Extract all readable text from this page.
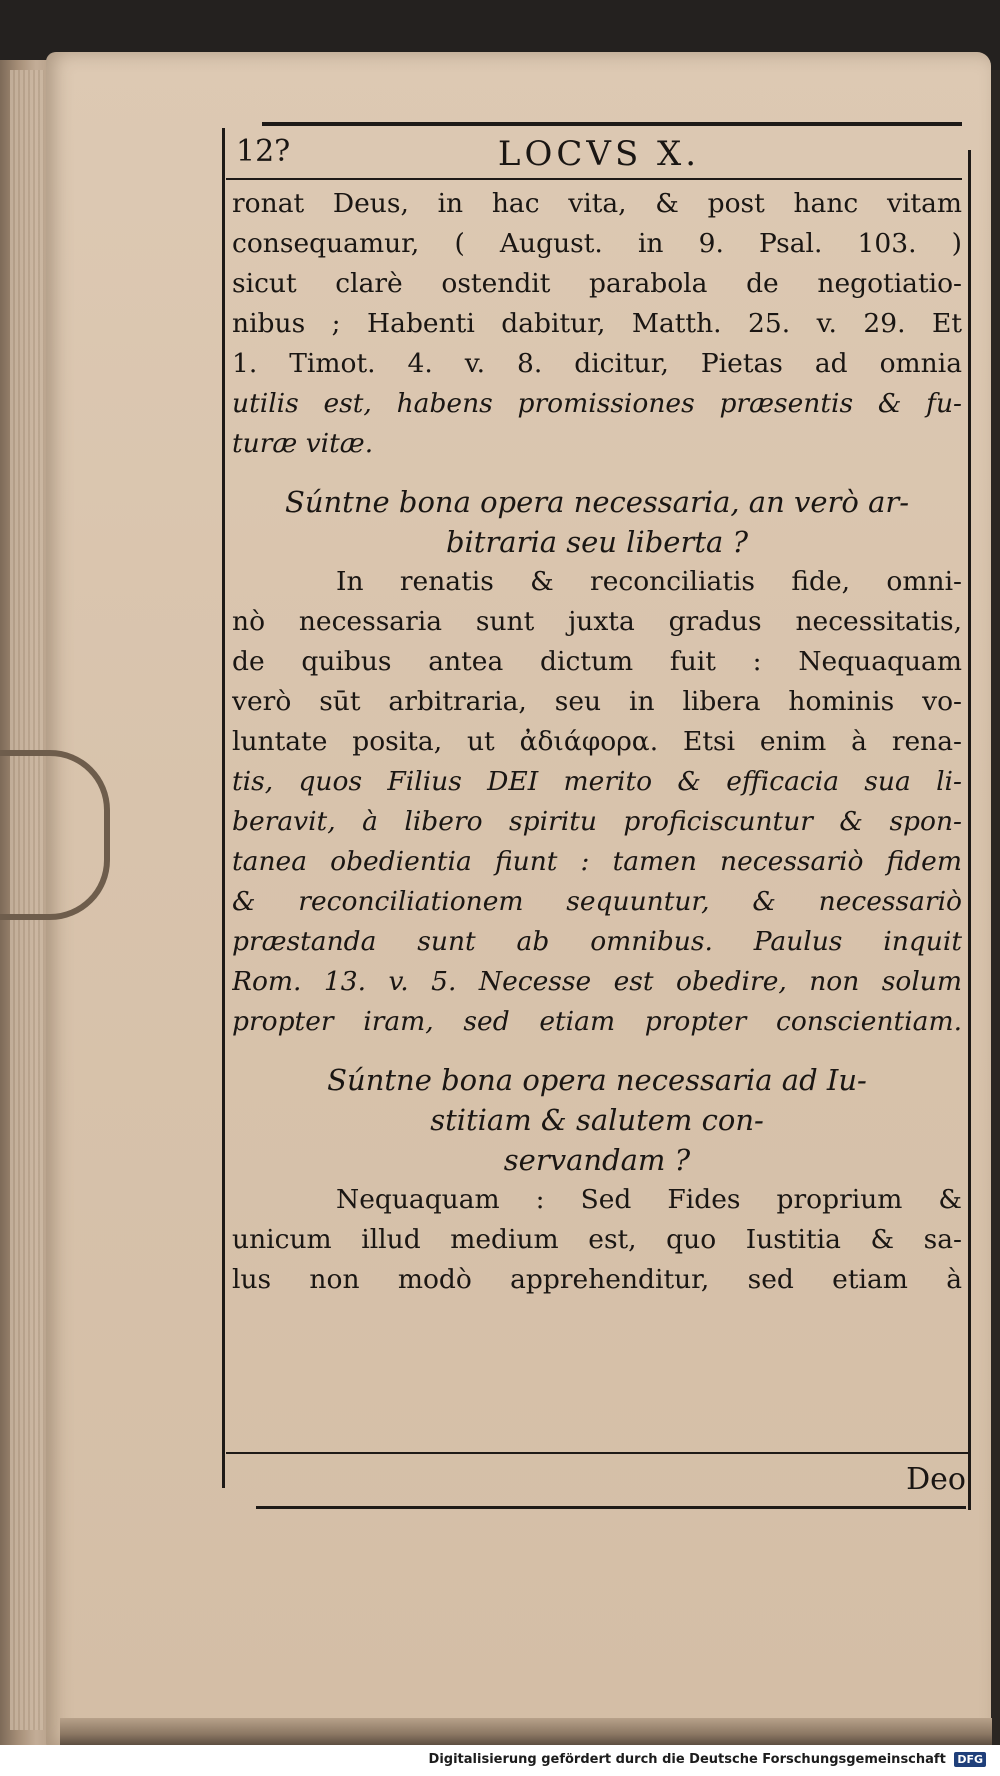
12?	LOCVS X.
ronat Deus, in hac vita, & post hanc vitam
consequamur, ( August. in 9. Psal. 103. )
sicut clarè ostendit parabola de negotiatio-
nibus ; Habenti dabitur, Matth. 25. v. 29. Et
1. Timot. 4. v. 8. dicitur, Pietas ad omnia
utilis est, habens promissiones præsentis & fu-
turæ vitæ.
Súntne bona opera necessaria, an verò ar-
bitraria seu liberta ?
In renatis & reconciliatis fide, omni-
nò necessaria sunt juxta gradus necessitatis,
de quibus antea dictum fuit : Nequaquam
verò sūt arbitraria, seu in libera hominis vo-
luntate posita, ut ἀδιάφορα. Etsi enim à rena-
tis, quos Filius DEI merito & efficacia sua li-
beravit, à libero spiritu proficiscuntur & spon-
tanea obedientia fiunt : tamen necessariò fidem
& reconciliationem sequuntur, & necessariò
præstanda sunt ab omnibus. Paulus inquit
Rom. 13. v. 5. Necesse est obedire, non solum
propter iram, sed etiam propter conscientiam.
Súntne bona opera necessaria ad Iu-
stitiam & salutem con-
servandam ?
Nequaquam : Sed Fides proprium &
unicum illud medium est, quo Iustitia & sa-
lus non modò apprehenditur, sed etiam à
Deo
Digitalisierung gefördert durch die Deutsche Forschungsgemeinschaft DFG
